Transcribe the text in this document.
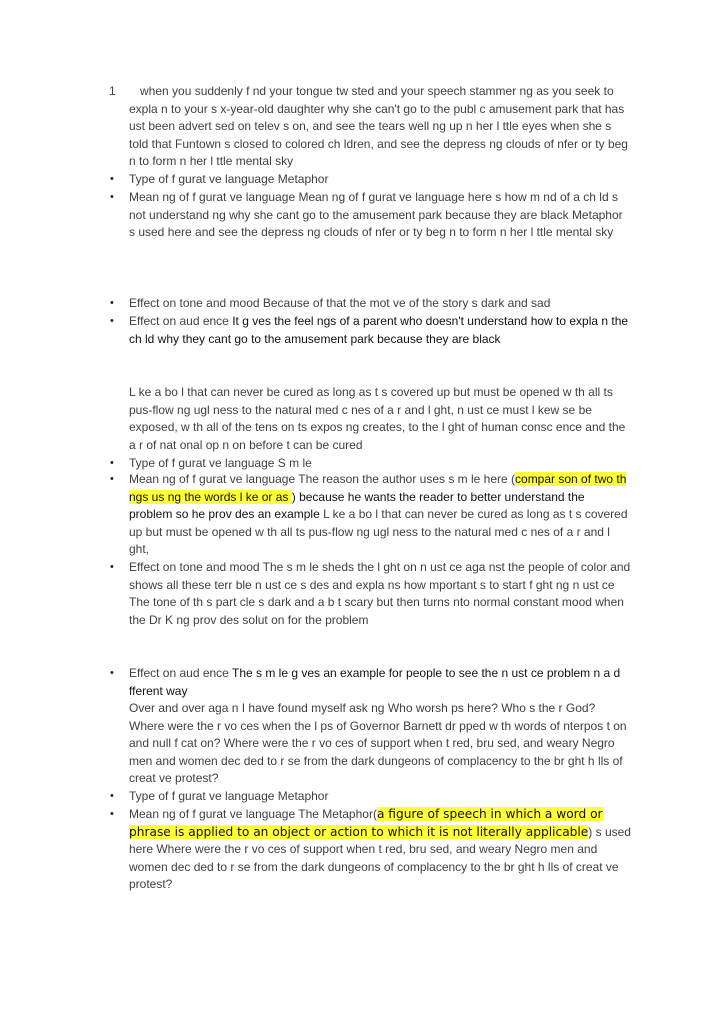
1	when you suddenly f nd your tongue tw sted and your speech stammer ng as you seek to
expla n to your s x-year-old daughter why she can't go to the publ c amusement park that has ust been advert sed on telev s on, and see the tears well ng up n her l ttle eyes when she s told that Funtown s closed to colored ch ldren, and see the depress ng clouds of nfer or ty beg n to form n her l ttle mental sky
•	Type of f gurat ve language Metaphor
•	Mean ng of f gurat ve language Mean ng of f gurat ve language here s how m nd of a ch ld s not understand ng why she cant go to the amusement park because they are black Metaphor s used here and see the depress ng clouds of nfer or ty beg n to form n her l ttle mental sky
•	Effect on tone and mood Because of that the mot ve of the story s dark and sad
•	Effect on aud ence It g ves the feel ngs of a parent who doesn't understand how to expla n the ch ld why they cant go to the amusement park because they are black
L ke a bo l that can never be cured as long as t s covered up but must be opened w th all ts pus-flow ng ugl ness to the natural med c nes of a r and l ght, n ust ce must l kew se be exposed, w th all of the tens on ts expos ng creates, to the l ght of human consc ence and the a r of nat onal op n on before t can be cured
•	Type of f gurat ve language S m le
•	Mean ng of f gurat ve language The reason the author uses s m le here (compar son of two th ngs us ng the words l ke or as ) because he wants the reader to better understand the problem so he prov des an example L ke a bo l that can never be cured as long as t s covered up but must be opened w th all ts pus-flow ng ugl ness to the natural med c nes of a r and l ght,
•	Effect on tone and mood The s m le sheds the l ght on n ust ce aga nst the people of color and shows all these terr ble n ust ce s des and expla ns how mportant s to start f ght ng n ust ce The tone of th s part cle s dark and a b t scary but then turns nto normal constant mood when the Dr K ng prov des solut on for the problem
•	Effect on aud ence The s m le g ves an example for people to see the n ust ce problem n a d fferent way
Over and over aga n I have found myself ask ng Who worsh ps here? Who s the r God? Where were the r vo ces when the l ps of Governor Barnett dr pped w th words of nterpos t on and null f cat on? Where were the r vo ces of support when t red, bru sed, and weary Negro men and women dec ded to r se from the dark dungeons of complacency to the br ght h lls of creat ve protest?
•	Type of f gurat ve language Metaphor
•	Mean ng of f gurat ve language The Metaphor(a figure of speech in which a word or phrase is applied to an object or action to which it is not literally applicable) s used here Where were the r vo ces of support when t red, bru sed, and weary Negro men and women dec ded to r se from the dark dungeons of complacency to the br ght h lls of creat ve protest?
